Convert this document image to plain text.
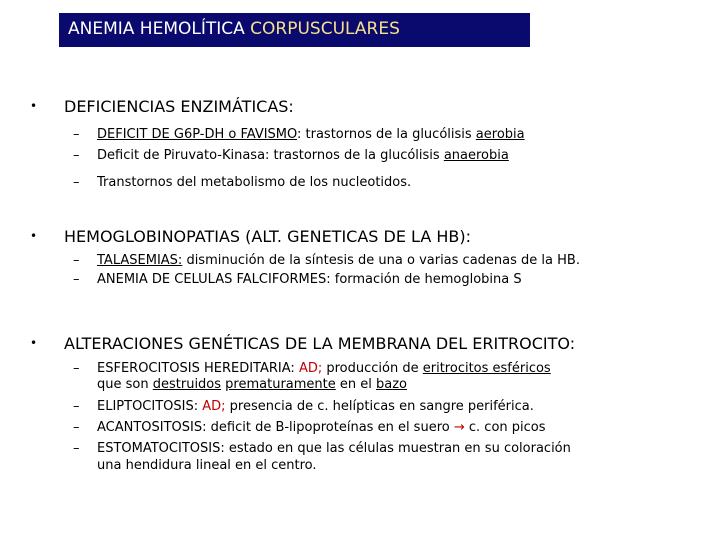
ANEMIA HEMOLÍTICA CORPUSCULARES
• DEFICIENCIAS ENZIMÁTICAS:
– DEFICIT DE G6P-DH o FAVISMO: trastornos de la glucólisis aerobia
– Deficit de Piruvato-Kinasa: trastornos de la glucólisis anaerobia
– Transtornos del metabolismo de los nucleotidos.
• HEMOGLOBINOPATIAS (ALT. GENETICAS DE LA HB):
– TALASEMIAS: disminución de la síntesis de una o varias cadenas de la HB.
– ANEMIA DE CELULAS FALCIFORMES: formación de hemoglobina S
• ALTERACIONES GENÉTICAS DE LA MEMBRANA DEL ERITROCITO:
– ESFEROCITOSIS HEREDITARIA: AD; producción de eritrocitos esféricos
que son destruidos prematuramente en el bazo
– ELIPTOCITOSIS: AD; presencia de c. helípticas en sangre periférica.
– ACANTOSITOSIS: deficit de B-lipoproteínas en el suero → c. con picos
– ESTOMATOCITOSIS: estado en que las células muestran en su coloración
una hendidura lineal en el centro.
